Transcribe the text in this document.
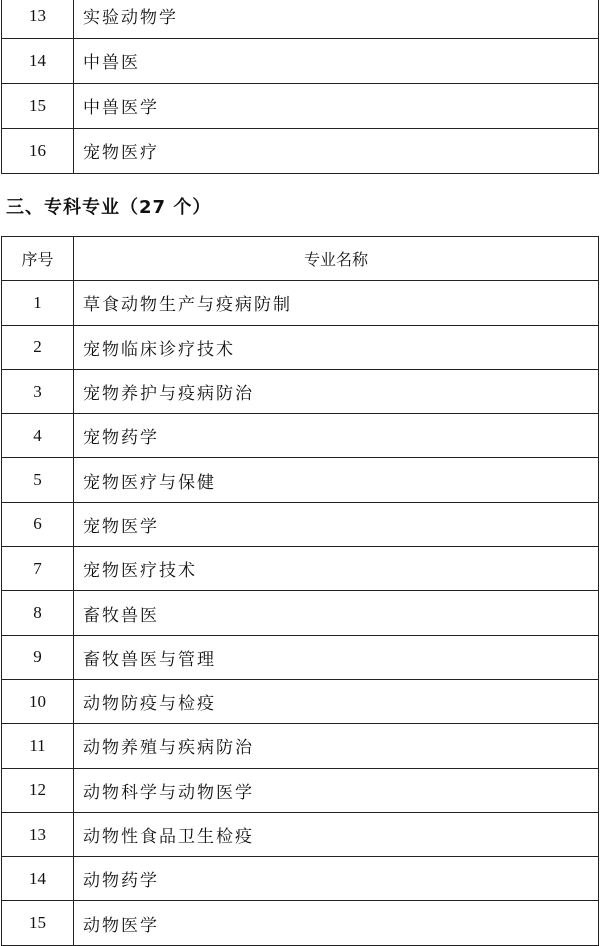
13	实验动物学
14	中兽医
15	中兽医学
16	宠物医疗
三、专科专业（27 个）
序号	专业名称
1	草食动物生产与疫病防制
2	宠物临床诊疗技术
3	宠物养护与疫病防治
4	宠物药学
5	宠物医疗与保健
6	宠物医学
7	宠物医疗技术
8	畜牧兽医
9	畜牧兽医与管理
10	动物防疫与检疫
11	动物养殖与疾病防治
12	动物科学与动物医学
13	动物性食品卫生检疫
14	动物药学
15	动物医学
